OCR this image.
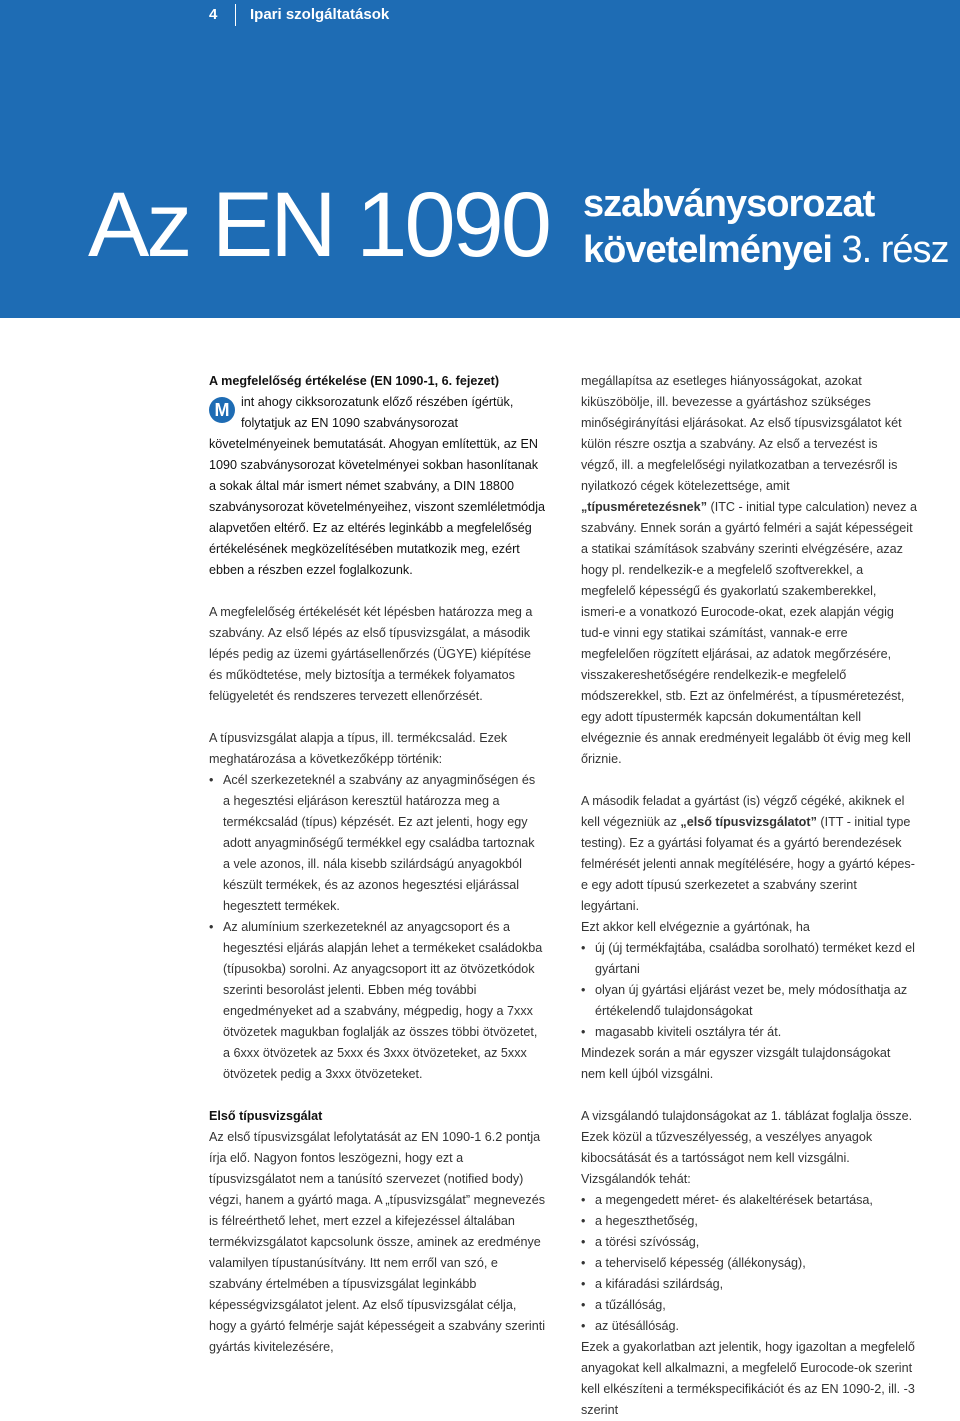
4 Ipari szolgáltatások
Az EN 1090 szabványsorozat
követelményei 3. rész

A megfelelőség értékelése (EN 1090-1, 6. fejezet)

M int ahogy cikksorozatunk előző részében ígértük, folytatjuk az EN 1090 szabványsorozat követelményeinek bemutatását. Ahogyan említettük, az EN 1090 szabványsorozat követelményei sokban hasonlítanak a sokak által már ismert német szabvány, a DIN 18800 szabványsorozat követelményeihez, viszont szemléletmódja alapvetően eltérő. Ez az eltérés leginkább a megfelelőség értékelésének megközelítésében mutatkozik meg, ezért ebben a részben ezzel foglalkozunk.

A megfelelőség értékelését két lépésben határozza meg a szabvány. Az első lépés az első típusvizsgálat, a második lépés pedig az üzemi gyártásellenőrzés (ÜGYE) kiépítése és működtetése, mely biztosítja a termékek folyamatos felügyeletét és rendszeres tervezett ellenőrzését.

A típusvizsgálat alapja a típus, ill. termékcsalád. Ezek meghatározása a következőképp történik:

• Acél szerkezeteknél a szabvány az anyagminőségen és a hegesztési eljáráson keresztül határozza meg a termékcsalád (típus) képzését. Ez azt jelenti, hogy egy adott anyagminőségű termékkel egy családba tartoznak a vele azonos, ill. nála kisebb szilárdságú anyagokból készült termékek, és az azonos hegesztési eljárással hegesztett termékek.
• Az alumínium szerkezeteknél az anyagcsoport és a hegesztési eljárás alapján lehet a termékeket családokba (típusokba) sorolni. Az anyagcsoport itt az ötvözetkódok szerinti besorolást jelenti. Ebben még további engedményeket ad a szabvány, mégpedig, hogy a 7xxx ötvözetek magukban foglalják az összes többi ötvözetet, a 6xxx ötvözetek az 5xxx és 3xxx ötvözeteket, az 5xxx ötvözetek pedig a 3xxx ötvözeteket.

Első típusvizsgálat

Az első típusvizsgálat lefolytatását az EN 1090-1 6.2 pontja írja elő. Nagyon fontos leszögezni, hogy ezt a típusvizsgálatot nem a tanúsító szervezet (notified body) végzi, hanem a gyártó maga. A „típusvizsgálat” megnevezés is félreérthető lehet, mert ezzel a kifejezéssel általában termékvizsgálatot kapcsolunk össze, aminek az eredménye valamilyen típustanúsítvány. Itt nem erről van szó, e szabvány értelmében a típusvizsgálat leginkább képességvizsgálatot jelent. Az első típusvizsgálat célja, hogy a gyártó felmérje saját képességeit a szabvány szerinti gyártás kivitelezésére,

megállapítsa az esetleges hiányosságokat, azokat kiküszöbölje, ill. bevezesse a gyártáshoz szükséges minőségirányítási eljárásokat. Az első típusvizsgálatot két külön részre osztja a szabvány. Az első a tervezést is végző, ill. a megfelelőségi nyilatkozatban a tervezésről is nyilatkozó cégek kötelezettsége, amit „típusméretezésnek” (ITC - initial type calculation) nevez a szabvány. Ennek során a gyártó felméri a saját képességeit a statikai számítások szabvány szerinti elvégzésére, azaz hogy pl. rendelkezik-e a megfelelő szoftverekkel, a megfelelő képességű és gyakorlatú szakemberekkel, ismeri-e a vonatkozó Eurocode-okat, ezek alapján végig tud-e vinni egy statikai számítást, vannak-e erre megfelelően rögzített eljárásai, az adatok megőrzésére, visszakereshetőségére rendelkezik-e megfelelő módszerekkel, stb. Ezt az önfelmérést, a típusméretezést, egy adott típustermék kapcsán dokumentáltan kell elvégeznie és annak eredményeit legalább öt évig meg kell őriznie.

A második feladat a gyártást (is) végző cégéké, akiknek el kell végezniük az „első típusvizsgálatot” (ITT - initial type testing). Ez a gyártási folyamat és a gyártó berendezések felmérését jelenti annak megítélésére, hogy a gyártó képes-e egy adott típusú szerkezetet a szabvány szerint legyártani.

Ezt akkor kell elvégeznie a gyártónak, ha

• új (új termékfajtába, családba sorolható) terméket kezd el gyártani
• olyan új gyártási eljárást vezet be, mely módosíthatja az értékelendő tulajdonságokat
• magasabb kiviteli osztályra tér át.

Mindezek során a már egyszer vizsgált tulajdonságokat nem kell újból vizsgálni.

A vizsgálandó tulajdonságokat az 1. táblázat foglalja össze. Ezek közül a tűzveszélyesség, a veszélyes anyagok kibocsátását és a tartósságot nem kell vizsgálni. Vizsgálandók tehát:

• a megengedett méret- és alakeltérések betartása,
• a hegeszthetőség,
• a törési szívósság,
• a teherviselő képesség (állékonyság),
• a kifáradási szilárdság,
• a tűzállóság,
• az ütésállóság.

Ezek a gyakorlatban azt jelentik, hogy igazoltan a megfelelő anyagokat kell alkalmazni, a megfelelő Eurocode-ok szerint kell elkészíteni a termékspecifikációt és az EN 1090-2, ill. -3 szerint
